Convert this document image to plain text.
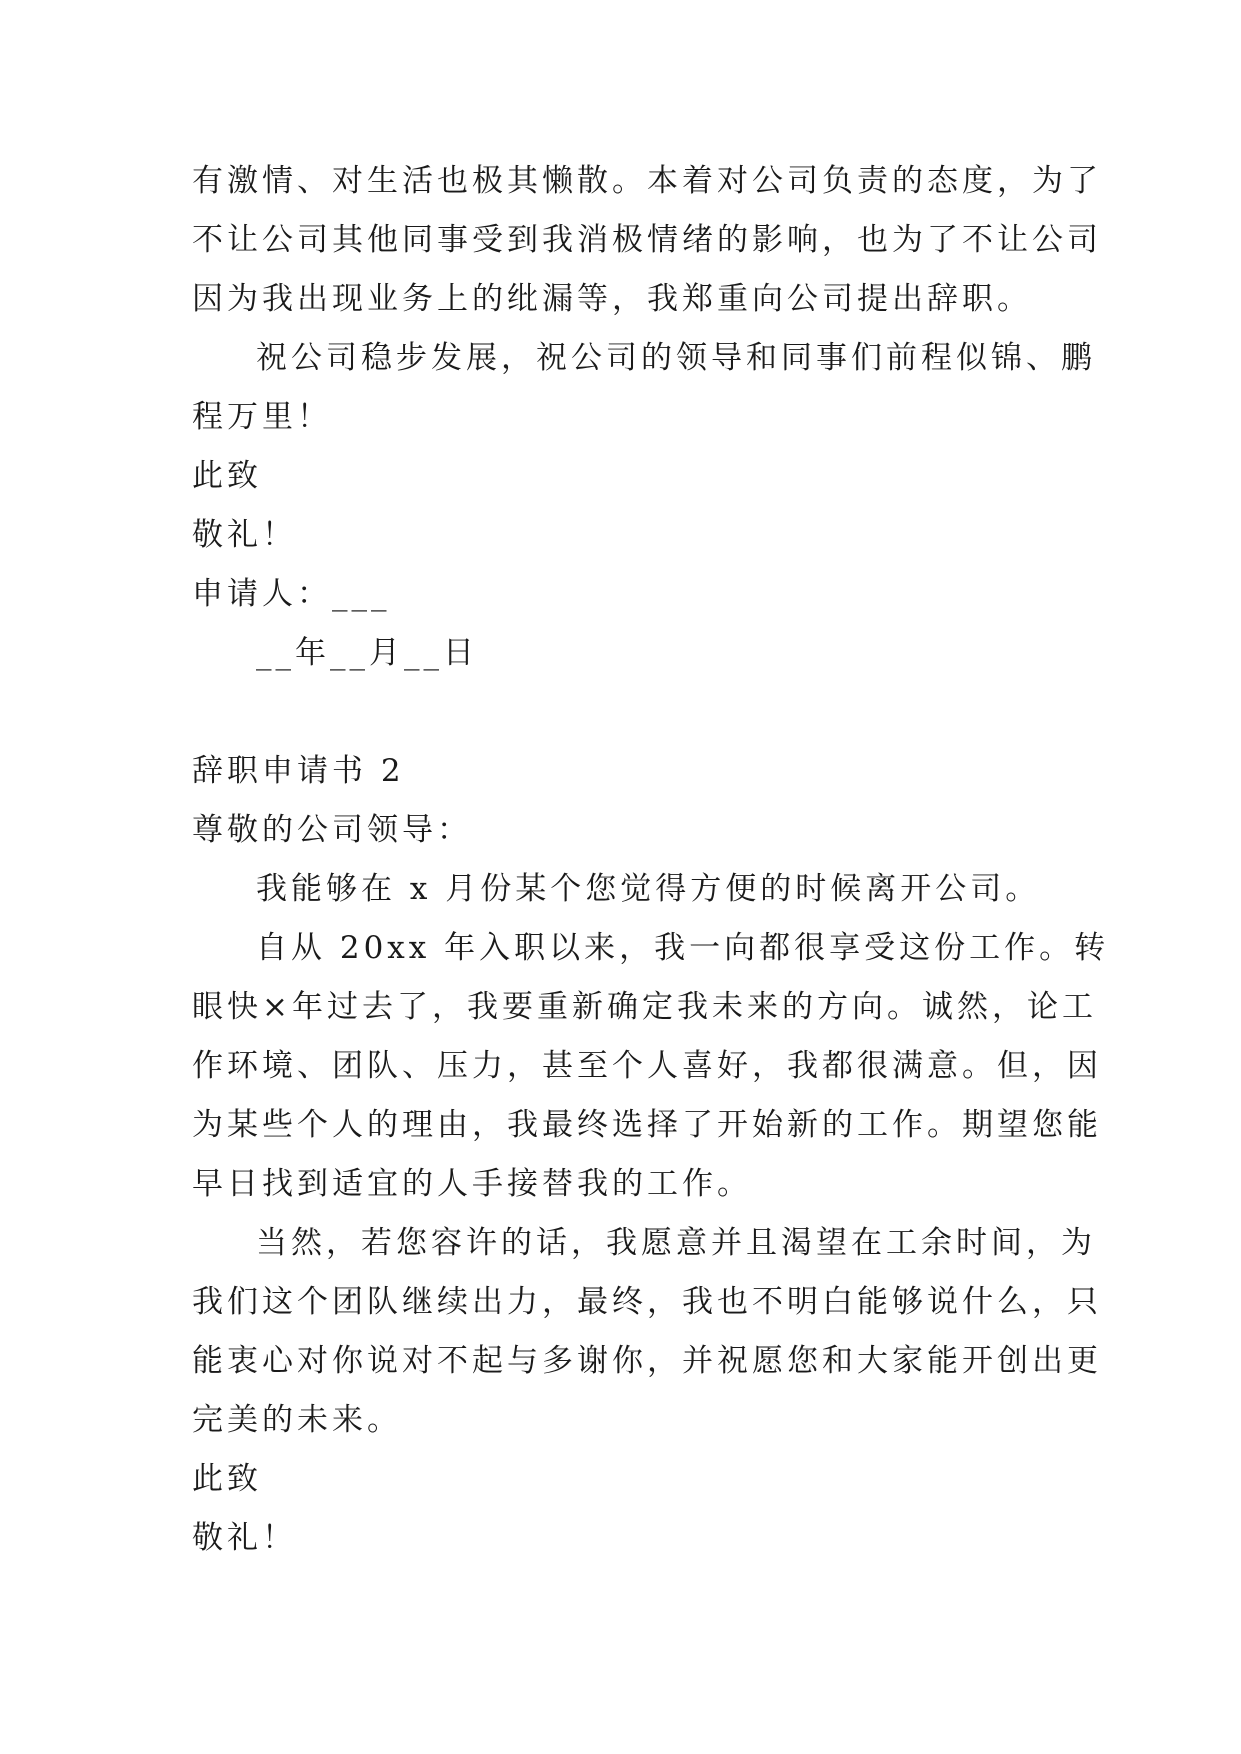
有激情、对生活也极其懒散。本着对公司负责的态度，为了
不让公司其他同事受到我消极情绪的影响，也为了不让公司
因为我出现业务上的纰漏等，我郑重向公司提出辞职。
祝公司稳步发展，祝公司的领导和同事们前程似锦、鹏
程万里！
此致
敬礼！
申请人：___
__年__月__日
辞职申请书 2
尊敬的公司领导：
我能够在 x 月份某个您觉得方便的时候离开公司。
自从 20xx 年入职以来，我一向都很享受这份工作。转
眼快×年过去了，我要重新确定我未来的方向。诚然，论工
作环境、团队、压力，甚至个人喜好，我都很满意。但，因
为某些个人的理由，我最终选择了开始新的工作。期望您能
早日找到适宜的人手接替我的工作。
当然，若您容许的话，我愿意并且渴望在工余时间，为
我们这个团队继续出力，最终，我也不明白能够说什么，只
能衷心对你说对不起与多谢你，并祝愿您和大家能开创出更
完美的未来。
此致
敬礼！
